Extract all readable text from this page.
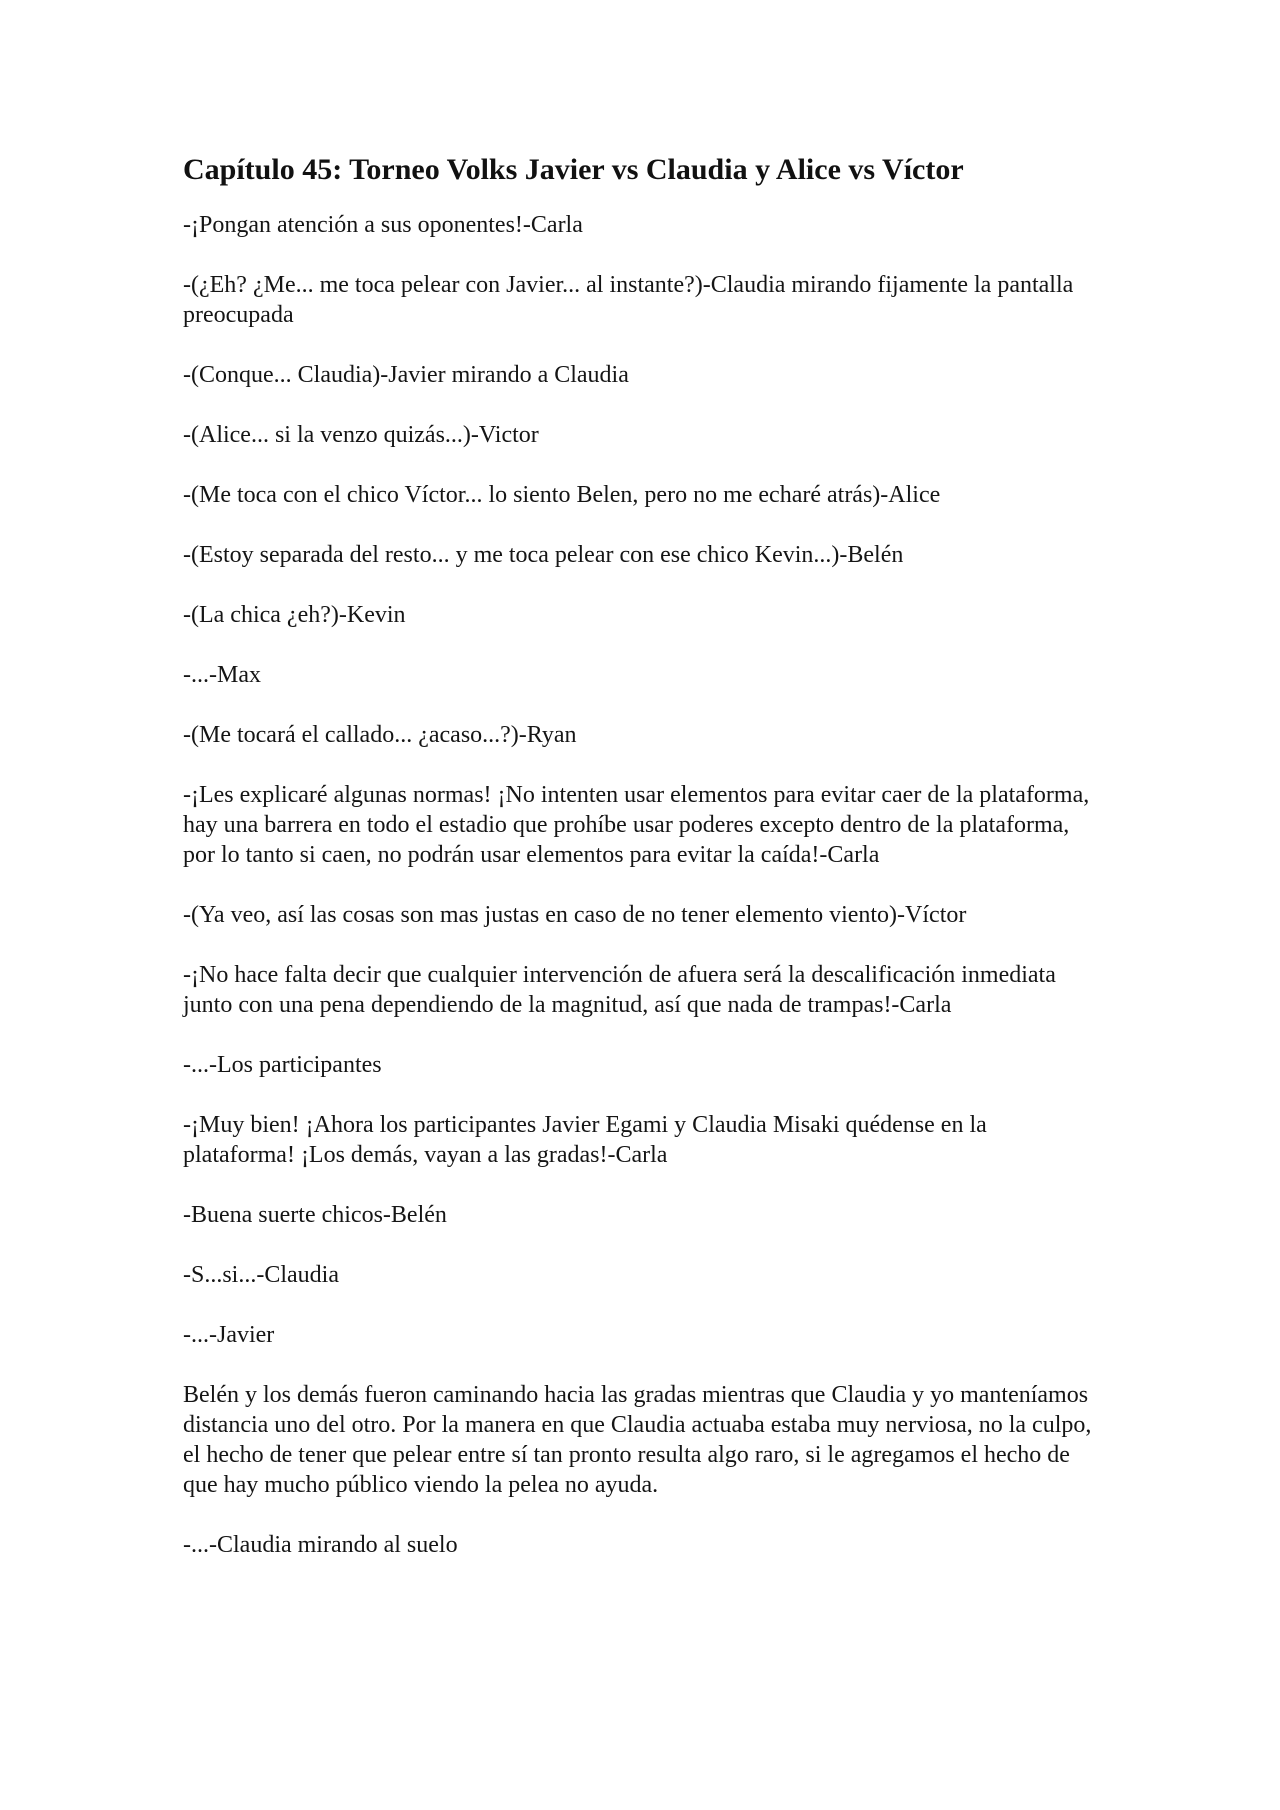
Capítulo 45: Torneo Volks Javier vs Claudia y Alice vs Víctor

-¡Pongan atención a sus oponentes!-Carla

-(¿Eh? ¿Me... me toca pelear con Javier... al instante?)-Claudia mirando fijamente la pantalla preocupada

-(Conque... Claudia)-Javier mirando a Claudia

-(Alice... si la venzo quizás...)-Victor

-(Me toca con el chico Víctor... lo siento Belen, pero no me echaré atrás)-Alice

-(Estoy separada del resto... y me toca pelear con ese chico Kevin...)-Belén

-(La chica ¿eh?)-Kevin

-...-Max

-(Me tocará el callado... ¿acaso...?)-Ryan

-¡Les explicaré algunas normas! ¡No intenten usar elementos para evitar caer de la plataforma, hay una barrera en todo el estadio que prohíbe usar poderes excepto dentro de la plataforma, por lo tanto si caen, no podrán usar elementos para evitar la caída!-Carla

-(Ya veo, así las cosas son mas justas en caso de no tener elemento viento)-Víctor

-¡No hace falta decir que cualquier intervención de afuera será la descalificación inmediata junto con una pena dependiendo de la magnitud, así que nada de trampas!-Carla

-...-Los participantes

-¡Muy bien! ¡Ahora los participantes Javier Egami y Claudia Misaki quédense en la plataforma! ¡Los demás, vayan a las gradas!-Carla

-Buena suerte chicos-Belén

-S...si...-Claudia

-...-Javier

Belén y los demás fueron caminando hacia las gradas mientras que Claudia y yo manteníamos distancia uno del otro. Por la manera en que Claudia actuaba estaba muy nerviosa, no la culpo, el hecho de tener que pelear entre sí tan pronto resulta algo raro, si le agregamos el hecho de que hay mucho público viendo la pelea no ayuda.

-...-Claudia mirando al suelo
